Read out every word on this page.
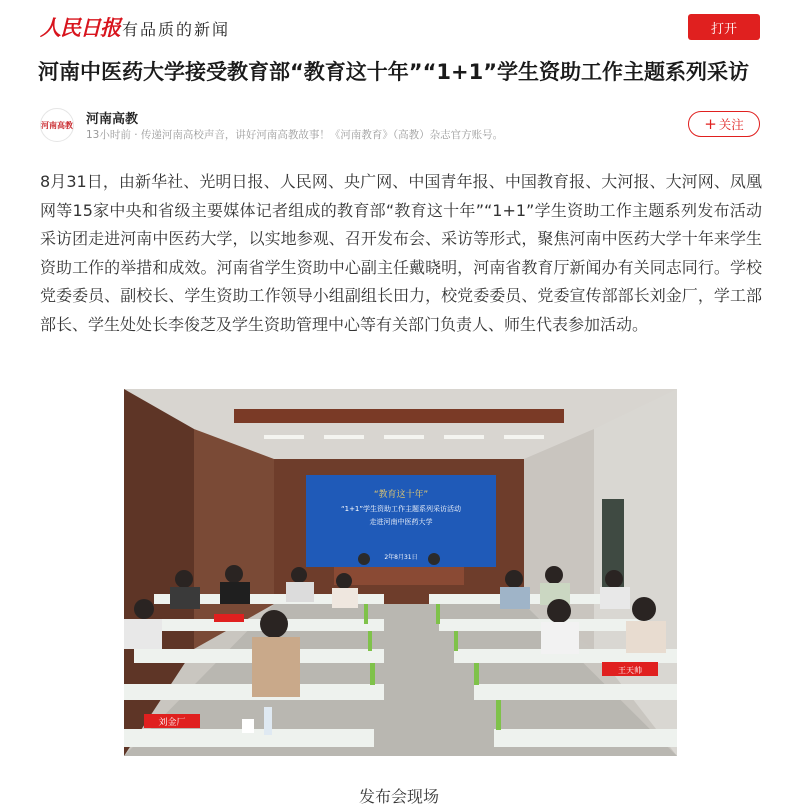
人民日报 有品质的新闻	打开
河南中医药大学接受教育部“教育这十年”“1+1”学生资助工作主题系列采访
河南高教 河南高教
13小时前 · 传递河南高校声音，讲好河南高教故事！《河南教育》（高教）杂志官方账号。
+ 关注

8月31日，由新华社、光明日报、人民网、央广网、中国青年报、中国教育报、大河报、大河网、凤凰网等15家中央和省级主要媒体记者组成的教育部“教育这十年”“1+1”学生资助工作主题系列发布活动采访团走进河南中医药大学，以实地参观、召开发布会、采访等形式，聚焦河南中医药大学十年来学生资助工作的举措和成效。河南省学生资助中心副主任戴晓明，河南省教育厅新闻办有关同志同行。学校党委委员、副校长、学生资助工作领导小组副组长田力，校党委委员、党委宣传部部长刘金厂，学工部部长、学生处处长李俊芝及学生资助管理中心等有关部门负责人、师生代表参加活动。

“教育这十年”
“1+1”学生资助工作主题系列采访活动
走进河南中医药大学
2年8月31日
刘金厂
王天帅
发布会现场
